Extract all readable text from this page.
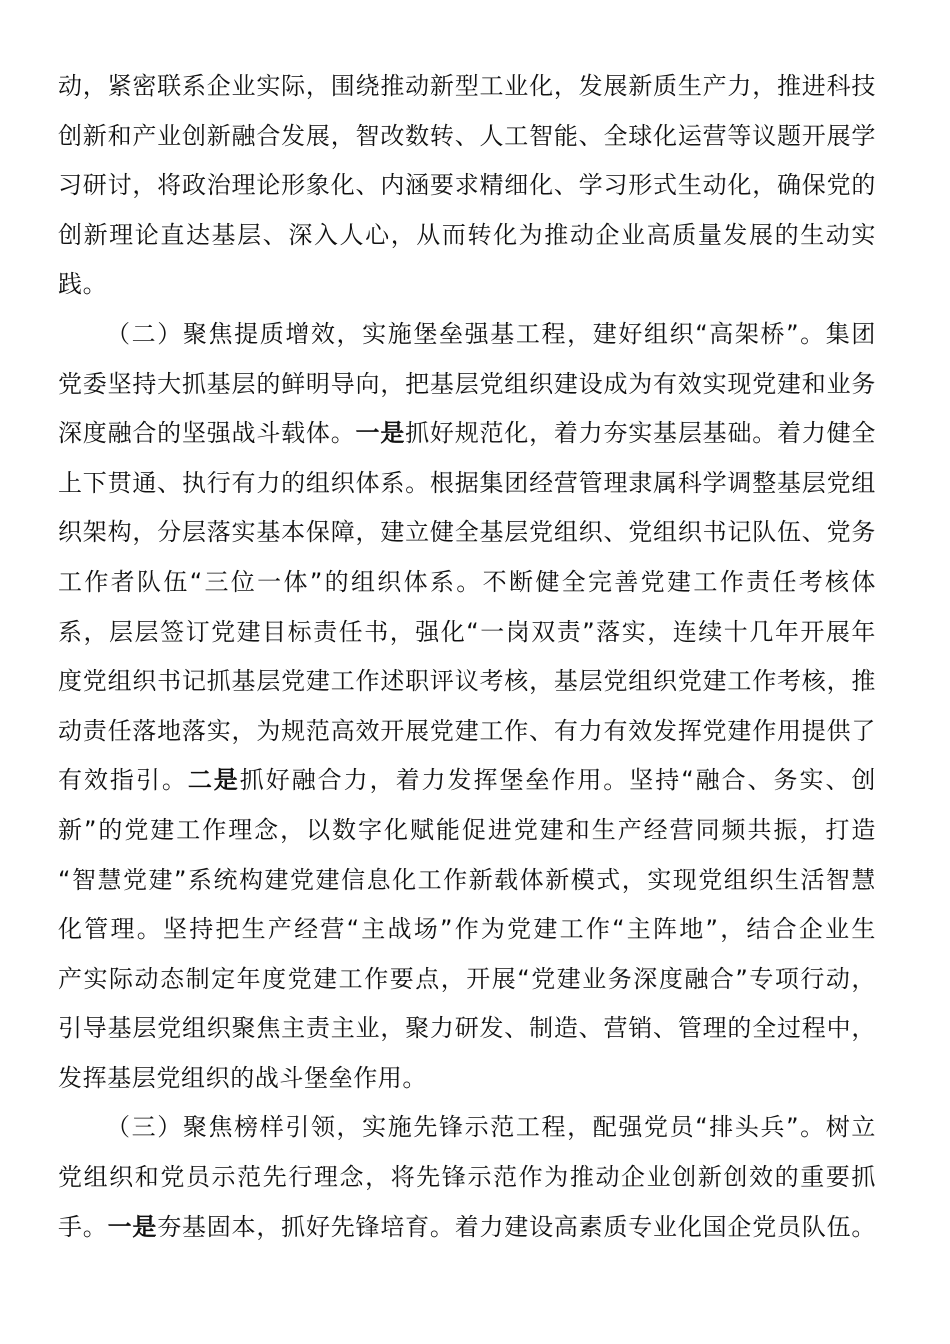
动，紧密联系企业实际，围绕推动新型工业化，发展新质生产力，推进科技
创新和产业创新融合发展，智改数转、人工智能、全球化运营等议题开展学
习研讨，将政治理论形象化、内涵要求精细化、学习形式生动化，确保党的
创新理论直达基层、深入人心，从而转化为推动企业高质量发展的生动实
践。
（二）聚焦提质增效，实施堡垒强基工程，建好组织“高架桥”。集团
党委坚持大抓基层的鲜明导向，把基层党组织建设成为有效实现党建和业务
深度融合的坚强战斗载体。一是抓好规范化，着力夯实基层基础。着力健全
上下贯通、执行有力的组织体系。根据集团经营管理隶属科学调整基层党组
织架构，分层落实基本保障，建立健全基层党组织、党组织书记队伍、党务
工作者队伍“三位一体”的组织体系。不断健全完善党建工作责任考核体
系，层层签订党建目标责任书，强化“一岗双责”落实，连续十几年开展年
度党组织书记抓基层党建工作述职评议考核，基层党组织党建工作考核，推
动责任落地落实，为规范高效开展党建工作、有力有效发挥党建作用提供了
有效指引。二是抓好融合力，着力发挥堡垒作用。坚持“融合、务实、创
新”的党建工作理念，以数字化赋能促进党建和生产经营同频共振，打造
“智慧党建”系统构建党建信息化工作新载体新模式，实现党组织生活智慧
化管理。坚持把生产经营“主战场”作为党建工作“主阵地”，结合企业生
产实际动态制定年度党建工作要点，开展“党建业务深度融合”专项行动，
引导基层党组织聚焦主责主业，聚力研发、制造、营销、管理的全过程中，
发挥基层党组织的战斗堡垒作用。
（三）聚焦榜样引领，实施先锋示范工程，配强党员“排头兵”。树立
党组织和党员示范先行理念，将先锋示范作为推动企业创新创效的重要抓
手。一是夯基固本，抓好先锋培育。着力建设高素质专业化国企党员队伍。
